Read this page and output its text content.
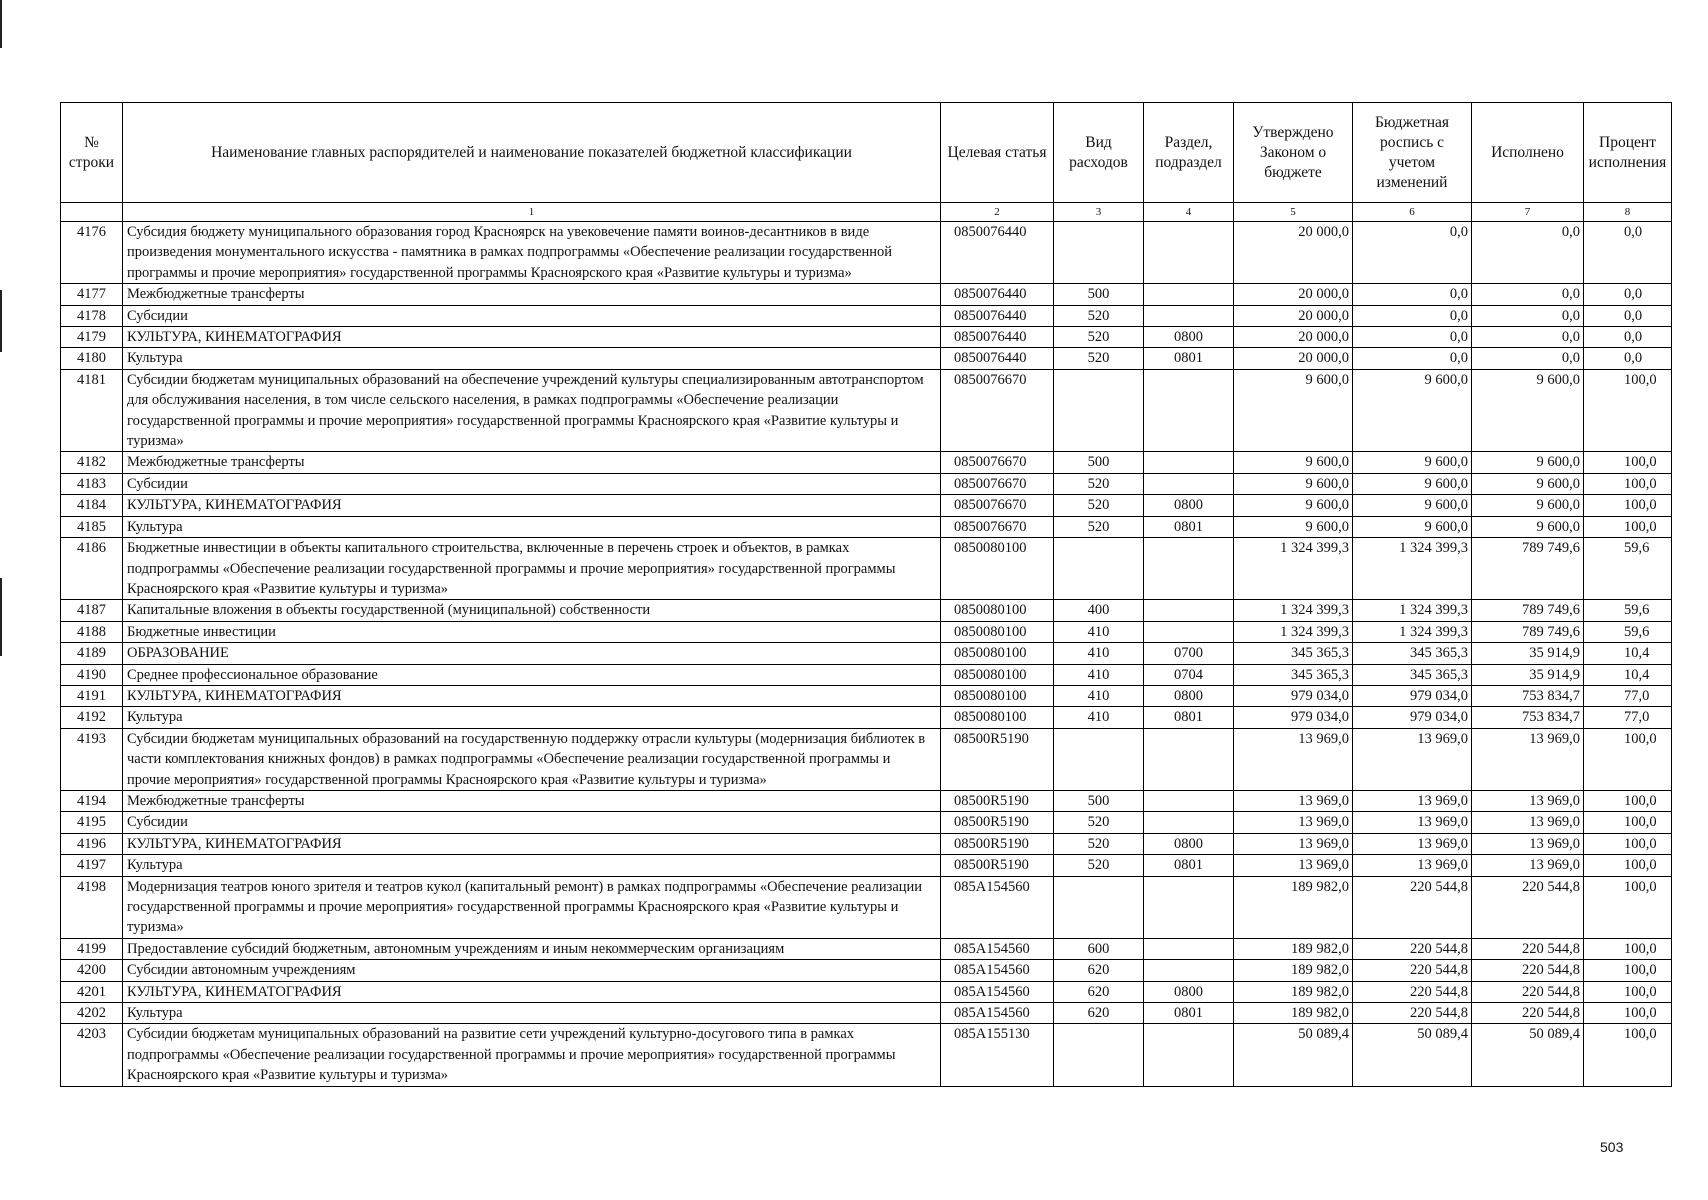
№ строки	Наименование главных распорядителей и наименование показателей бюджетной классификации	Целевая статья	Вид расходов	Раздел, подраздел	Утверждено Законом о бюджете	Бюджетная роспись с учетом изменений	Исполнено	Процент исполнения
	1	2	3	4	5	6	7	8
4176	Субсидия бюджету муниципального образования город Красноярск на увековечение памяти воинов-десантников в виде произведения монументального искусства - памятника в рамках подпрограммы «Обеспечение реализации государственной программы и прочие мероприятия» государственной программы Красноярского края «Развитие культуры и туризма»	0850076440			20 000,0	0,0	0,0	0,0
4177	Межбюджетные трансферты	0850076440	500		20 000,0	0,0	0,0	0,0
4178	Субсидии	0850076440	520		20 000,0	0,0	0,0	0,0
4179	КУЛЬТУРА, КИНЕМАТОГРАФИЯ	0850076440	520	0800	20 000,0	0,0	0,0	0,0
4180	Культура	0850076440	520	0801	20 000,0	0,0	0,0	0,0
4181	Субсидии бюджетам муниципальных образований на обеспечение учреждений культуры специализированным автотранспортом для обслуживания населения, в том числе сельского населения, в рамках подпрограммы «Обеспечение реализации государственной программы и прочие мероприятия» государственной программы Красноярского края «Развитие культуры и туризма»	0850076670			9 600,0	9 600,0	9 600,0	100,0
4182	Межбюджетные трансферты	0850076670	500		9 600,0	9 600,0	9 600,0	100,0
4183	Субсидии	0850076670	520		9 600,0	9 600,0	9 600,0	100,0
4184	КУЛЬТУРА, КИНЕМАТОГРАФИЯ	0850076670	520	0800	9 600,0	9 600,0	9 600,0	100,0
4185	Культура	0850076670	520	0801	9 600,0	9 600,0	9 600,0	100,0
4186	Бюджетные инвестиции в объекты капитального строительства, включенные в перечень строек и объектов, в рамках подпрограммы «Обеспечение реализации государственной программы и прочие мероприятия» государственной программы Красноярского края «Развитие культуры и туризма»	0850080100			1 324 399,3	1 324 399,3	789 749,6	59,6
4187	Капитальные вложения в объекты государственной (муниципальной) собственности	0850080100	400		1 324 399,3	1 324 399,3	789 749,6	59,6
4188	Бюджетные инвестиции	0850080100	410		1 324 399,3	1 324 399,3	789 749,6	59,6
4189	ОБРАЗОВАНИЕ	0850080100	410	0700	345 365,3	345 365,3	35 914,9	10,4
4190	Среднее профессиональное образование	0850080100	410	0704	345 365,3	345 365,3	35 914,9	10,4
4191	КУЛЬТУРА, КИНЕМАТОГРАФИЯ	0850080100	410	0800	979 034,0	979 034,0	753 834,7	77,0
4192	Культура	0850080100	410	0801	979 034,0	979 034,0	753 834,7	77,0
4193	Субсидии бюджетам муниципальных образований на государственную поддержку отрасли культуры (модернизация библиотек в части комплектования книжных фондов) в рамках подпрограммы «Обеспечение реализации государственной программы и прочие мероприятия» государственной программы Красноярского края «Развитие культуры и туризма»	08500R5190			13 969,0	13 969,0	13 969,0	100,0
4194	Межбюджетные трансферты	08500R5190	500		13 969,0	13 969,0	13 969,0	100,0
4195	Субсидии	08500R5190	520		13 969,0	13 969,0	13 969,0	100,0
4196	КУЛЬТУРА, КИНЕМАТОГРАФИЯ	08500R5190	520	0800	13 969,0	13 969,0	13 969,0	100,0
4197	Культура	08500R5190	520	0801	13 969,0	13 969,0	13 969,0	100,0
4198	Модернизация театров юного зрителя и театров кукол (капитальный ремонт) в рамках подпрограммы «Обеспечение реализации государственной программы и прочие мероприятия» государственной программы Красноярского края «Развитие культуры и туризма»	085A154560			189 982,0	220 544,8	220 544,8	100,0
4199	Предоставление субсидий бюджетным, автономным учреждениям и иным некоммерческим организациям	085A154560	600		189 982,0	220 544,8	220 544,8	100,0
4200	Субсидии автономным учреждениям	085A154560	620		189 982,0	220 544,8	220 544,8	100,0
4201	КУЛЬТУРА, КИНЕМАТОГРАФИЯ	085A154560	620	0800	189 982,0	220 544,8	220 544,8	100,0
4202	Культура	085A154560	620	0801	189 982,0	220 544,8	220 544,8	100,0
4203	Субсидии бюджетам муниципальных образований на развитие сети учреждений культурно-досугового типа в рамках подпрограммы «Обеспечение реализации государственной программы и прочие мероприятия» государственной программы Красноярского края «Развитие культуры и туризма»	085A155130			50 089,4	50 089,4	50 089,4	100,0
503
